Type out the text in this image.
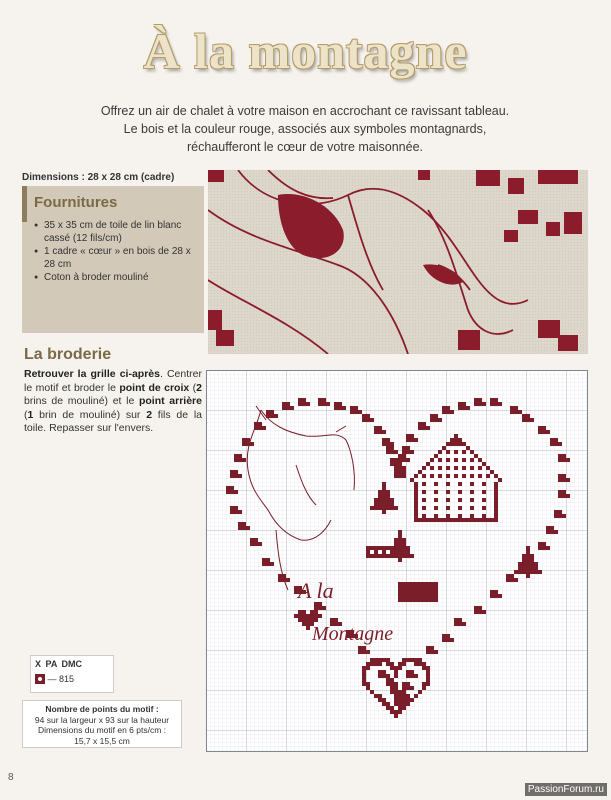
À la montagne

Offrez un air de chalet à votre maison en accrochant ce ravissant tableau.

Le bois et la couleur rouge, associés aux symboles montagnards,

réchaufferont le cœur de votre maisonnée.

Dimensions : 28 x 28 cm (cadre)
Fournitures
● 35 x 35 cm de toile de lin blanc cassé (12 fils/cm)
● 1 cadre « cœur » en bois de 28 x 28 cm
● Coton à broder mouliné
La broderie
Retrouver la grille ci-après. Centrer le motif et broder le point de croix (2 brins de mouliné) et le point arrière (1 brin de mouliné) sur 2 fils de la toile. Repasser sur l'envers.
A la
Montagne
X PA DMC
— 815
Nombre de points du motif :
94 sur la largeur x 93 sur la hauteur
Dimensions du motif en 6 pts/cm :
15,7 x 15,5 cm
8
PassionForum.ru
